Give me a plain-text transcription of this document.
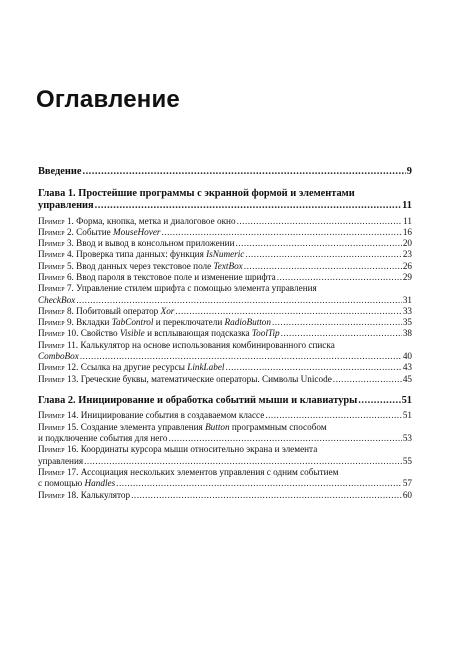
Оглавление
Введение .....	9
Глава 1. Простейшие программы с экранной формой и элементами
управления .....	11
Пример 1. Форма, кнопка, метка и диалоговое окно .....	11
Пример 2. Событие MouseHover .....	16
Пример 3. Ввод и вывод в консольном приложении .....	20
Пример 4. Проверка типа данных: функция IsNumeric .....	23
Пример 5. Ввод данных через текстовое поле TextBox .....	26
Пример 6. Ввод пароля в текстовое поле и изменение шрифта .....	29
Пример 7. Управление стилем шрифта с помощью элемента управления
CheckBox .....	31
Пример 8. Побитовый оператор Xor .....	33
Пример 9. Вкладки TabControl и переключатели RadioButton .....	35
Пример 10. Свойство Visible и всплывающая подсказка ToolTip .....	38
Пример 11. Калькулятор на основе использования комбинированного списка
ComboBox .....	40
Пример 12. Ссылка на другие ресурсы LinkLabel .....	43
Пример 13. Греческие буквы, математические операторы. Символы Unicode .....	45
Глава 2. Инициирование и обработка событий мыши и клавиатуры .....	51
Пример 14. Инициирование события в создаваемом классе .....	51
Пример 15. Создание элемента управления Button программным способом
и подключение события для него .....	53
Пример 16. Координаты курсора мыши относительно экрана и элемента
управления .....	55
Пример 17. Ассоциация нескольких элементов управления с одним событием
с помощью Handles .....	57
Пример 18. Калькулятор .....	60
